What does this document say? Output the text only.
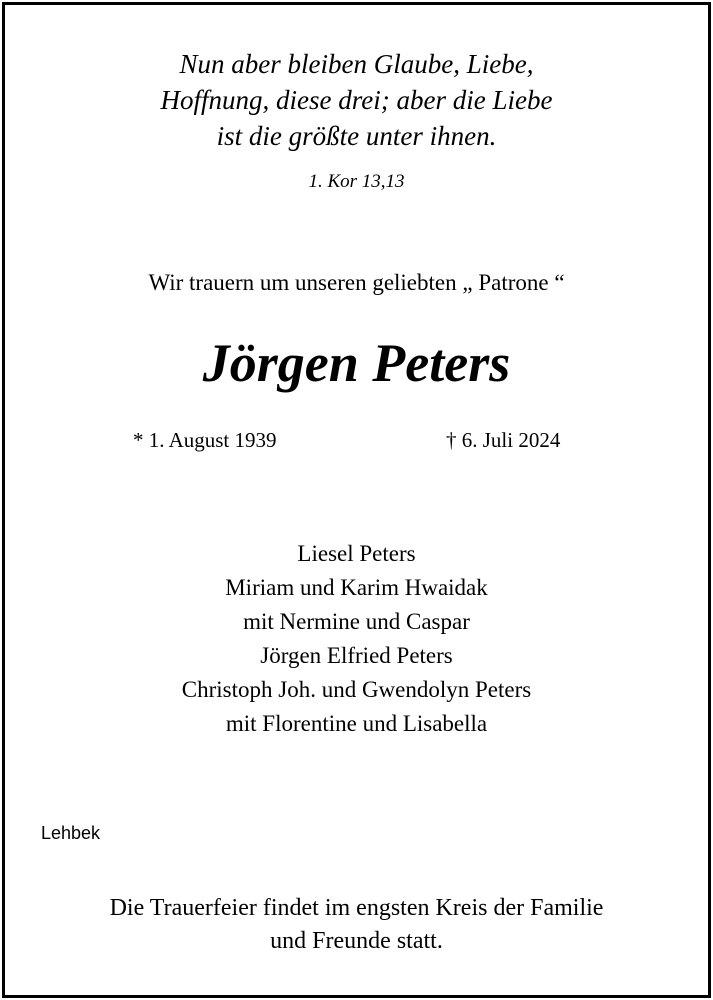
Nun aber bleiben Glaube, Liebe,
Hoffnung, diese drei; aber die Liebe
ist die größte unter ihnen.
1. Kor 13,13
Wir trauern um unseren geliebten „ Patrone “
Jörgen Peters
* 1. August 1939	† 6. Juli 2024
Liesel Peters
Miriam und Karim Hwaidak
mit Nermine und Caspar
Jörgen Elfried Peters
Christoph Joh. und Gwendolyn Peters
mit Florentine und Lisabella
Lehbek
Die Trauerfeier findet im engsten Kreis der Familie
und Freunde statt.
